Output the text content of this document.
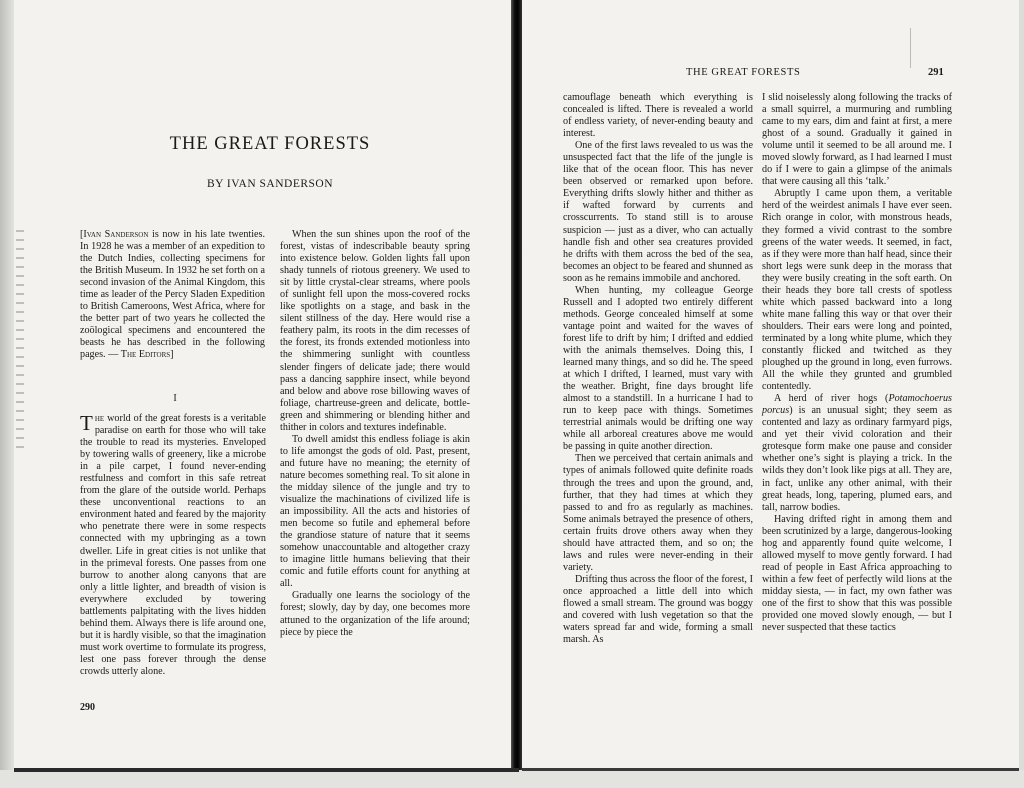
THE GREAT FORESTS
BY IVAN SANDERSON

[Ivan Sanderson is now in his late twenties. In 1928 he was a member of an expedition to the Dutch Indies, collecting specimens for the British Museum. In 1932 he set forth on a second invasion of the Animal Kingdom, this time as leader of the Percy Sladen Expedition to British Cameroons, West Africa, where for the better part of two years he collected the zoölogical specimens and encountered the beasts he has described in the following pages. — The Editors]

I

The world of the great forests is a veritable paradise on earth for those who will take the trouble to read its mysteries. Enveloped by towering walls of greenery, like a microbe in a pile carpet, I found never-ending restfulness and comfort in this safe retreat from the glare of the outside world. Perhaps these unconventional reactions to an environment hated and feared by the majority who penetrate there were in some respects connected with my upbringing as a town dweller. Life in great cities is not unlike that in the primeval forests. One passes from one burrow to another along canyons that are only a little lighter, and breadth of vision is everywhere excluded by towering battlements palpitating with the lives hidden behind them. Always there is life around one, but it is hardly visible, so that the imagination must work overtime to formulate its progress, lest one pass forever through the dense crowds utterly alone.

When the sun shines upon the roof of the forest, vistas of indescribable beauty spring into existence below. Golden lights fall upon shady tunnels of riotous greenery. We used to sit by little crystal-clear streams, where pools of sunlight fell upon the moss-covered rocks like spotlights on a stage, and bask in the silent stillness of the day. Here would rise a feathery palm, its roots in the dim recesses of the forest, its fronds extended motionless into the shimmering sunlight with countless slender fingers of delicate jade; there would pass a dancing sapphire insect, while beyond and below and above rose billowing waves of foliage, chartreuse-green and delicate, bottle-green and shimmering or blending hither and thither in colors and textures indefinable.

To dwell amidst this endless foliage is akin to life amongst the gods of old. Past, present, and future have no meaning; the eternity of nature becomes something real. To sit alone in the midday silence of the jungle and try to visualize the machinations of civilized life is an impossibility. All the acts and histories of men become so futile and ephemeral before the grandiose stature of nature that it seems somehow unaccountable and altogether crazy to imagine little humans believing that their comic and futile efforts count for anything at all.

Gradually one learns the sociology of the forest; slowly, day by day, one becomes more attuned to the organization of the life around; piece by piece the

290
THE GREAT FORESTS	291

camouflage beneath which everything is concealed is lifted. There is revealed a world of endless variety, of never-ending beauty and interest.

One of the first laws revealed to us was the unsuspected fact that the life of the jungle is like that of the ocean floor. This has never been observed or remarked upon before. Everything drifts slowly hither and thither as if wafted forward by currents and crosscurrents. To stand still is to arouse suspicion — just as a diver, who can actually handle fish and other sea creatures provided he drifts with them across the bed of the sea, becomes an object to be feared and shunned as soon as he remains immobile and anchored.

When hunting, my colleague George Russell and I adopted two entirely different methods. George concealed himself at some vantage point and waited for the waves of forest life to drift by him; I drifted and eddied with the animals themselves. Doing this, I learned many things, and so did he. The speed at which I drifted, I learned, must vary with the weather. Bright, fine days brought life almost to a standstill. In a hurricane I had to run to keep pace with things. Sometimes terrestrial animals would be drifting one way while all arboreal creatures above me would be passing in quite another direction.

Then we perceived that certain animals and types of animals followed quite definite roads through the trees and upon the ground, and, further, that they had times at which they passed to and fro as regularly as machines. Some animals betrayed the presence of others, certain fruits drove others away when they should have attracted them, and so on; the laws and rules were never-ending in their variety.

Drifting thus across the floor of the forest, I once approached a little dell into which flowed a small stream. The ground was boggy and covered with lush vegetation so that the waters spread far and wide, forming a small marsh. As

I slid noiselessly along following the tracks of a small squirrel, a murmuring and rumbling came to my ears, dim and faint at first, a mere ghost of a sound. Gradually it gained in volume until it seemed to be all around me. I moved slowly forward, as I had learned I must do if I were to gain a glimpse of the animals that were causing all this ‘talk.’

Abruptly I came upon them, a veritable herd of the weirdest animals I have ever seen. Rich orange in color, with monstrous heads, they formed a vivid contrast to the sombre greens of the water weeds. It seemed, in fact, as if they were more than half head, since their short legs were sunk deep in the morass that they were busily creating in the soft earth. On their heads they bore tall crests of spotless white which passed backward into a long white mane falling this way or that over their shoulders. Their ears were long and pointed, terminated by a long white plume, which they constantly flicked and twitched as they ploughed up the ground in long, even furrows. All the while they grunted and grumbled contentedly.

A herd of river hogs (Potamochoerus porcus) is an unusual sight; they seem as contented and lazy as ordinary farmyard pigs, and yet their vivid coloration and their grotesque form make one pause and consider whether one’s sight is playing a trick. In the wilds they don’t look like pigs at all. They are, in fact, unlike any other animal, with their great heads, long, tapering, plumed ears, and tall, narrow bodies.

Having drifted right in among them and been scrutinized by a large, dangerous-looking hog and apparently found quite welcome, I allowed myself to move gently forward. I had read of people in East Africa approaching to within a few feet of perfectly wild lions at the midday siesta, — in fact, my own father was one of the first to show that this was possible provided one moved slowly enough, — but I never suspected that these tactics
